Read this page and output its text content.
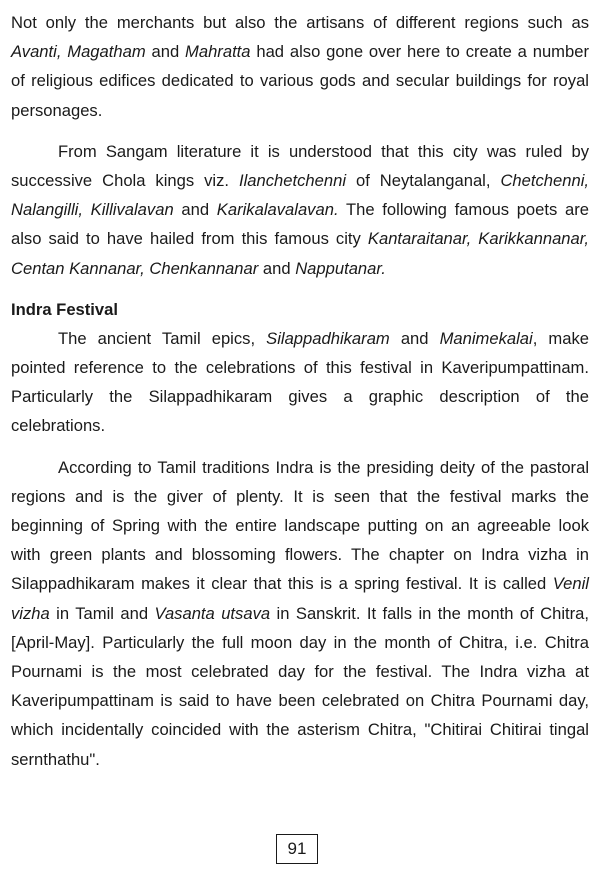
Not only the merchants but also the artisans of different regions such as Avanti, Magatham and Mahratta had also gone over here to create a number of religious edifices dedicated to various gods and secular buildings for royal personages.

From Sangam literature it is understood that this city was ruled by successive Chola kings viz. Ilanchetchenni of Neytalanganal, Chetchenni, Nalangilli, Killivalavan and Karikalavalavan. The following famous poets are also said to have hailed from this famous city Kantaraitanar, Karikkannanar, Centan Kannanar, Chenkannanar and Napputanar.

Indra Festival

The ancient Tamil epics, Silappadhikaram and Manimekalai, make pointed reference to the celebrations of this festival in Kaveripumpattinam. Particularly the Silappadhikaram gives a graphic description of the celebrations.

According to Tamil traditions Indra is the presiding deity of the pastoral regions and is the giver of plenty. It is seen that the festival marks the beginning of Spring with the entire landscape putting on an agreeable look with green plants and blossoming flowers. The chapter on Indra vizha in Silappadhikaram makes it clear that this is a spring festival. It is called Venil vizha in Tamil and Vasanta utsava in Sanskrit. It falls in the month of Chitra, [April-May]. Particularly the full moon day in the month of Chitra, i.e. Chitra Pournami is the most celebrated day for the festival. The Indra vizha at Kaveripumpattinam is said to have been celebrated on Chitra Pournami day, which incidentally coincided with the asterism Chitra, "Chitirai Chitirai tingal sernthathu".

91
